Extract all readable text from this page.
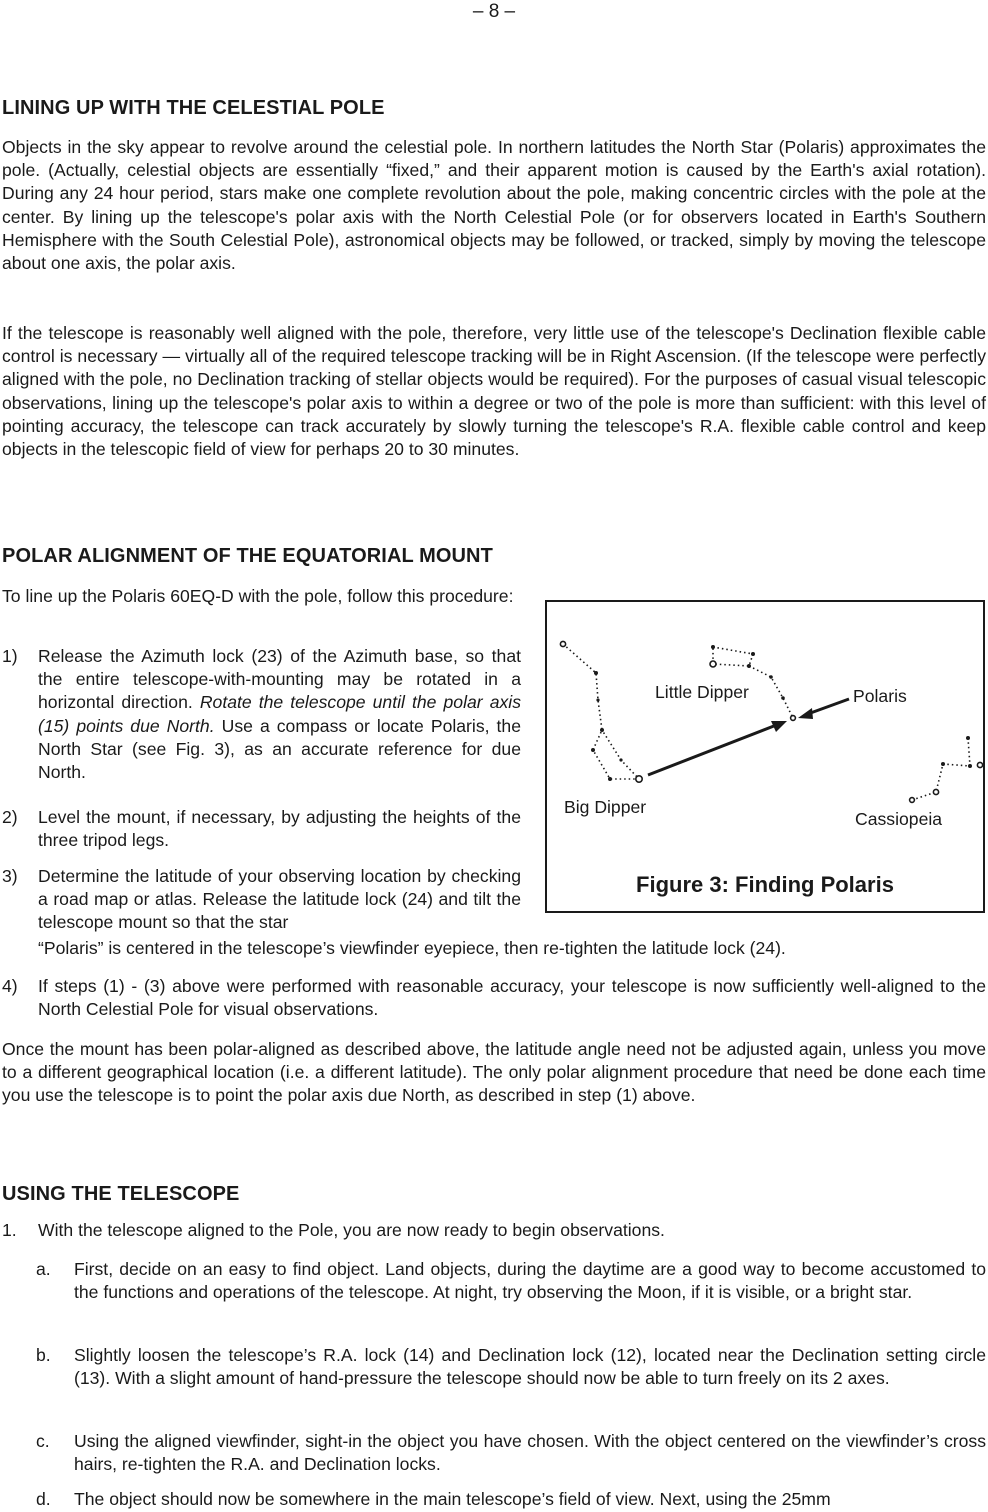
– 8 –
LINING UP WITH THE CELESTIAL POLE

Objects in the sky appear to revolve around the celestial pole. In northern latitudes the North Star (Polaris) approximates the pole. (Actually, celestial objects are essentially “fixed,” and their apparent motion is caused by the Earth's axial rotation). During any 24 hour period, stars make one complete revolution about the pole, making concentric circles with the pole at the center. By lining up the telescope's polar axis with the North Celestial Pole (or for observers located in Earth's Southern Hemisphere with the South Celestial Pole), astronomical objects may be followed, or tracked, simply by moving the telescope about one axis, the polar axis.

If the telescope is reasonably well aligned with the pole, therefore, very little use of the telescope's Declination flexible cable control is necessary — virtually all of the required telescope tracking will be in Right Ascension. (If the telescope were perfectly aligned with the pole, no Declination tracking of stellar objects would be required). For the purposes of casual visual telescopic observations, lining up the telescope's polar axis to within a degree or two of the pole is more than sufficient: with this level of pointing accuracy, the telescope can track accurately by slowly turning the telescope's R.A. flexible cable control and keep objects in the telescopic field of view for perhaps 20 to 30 minutes.

POLAR ALIGNMENT OF THE EQUATORIAL MOUNT

To line up the Polaris 60EQ-D with the pole, follow this procedure:

1) Release the Azimuth lock (23) of the Azimuth base, so that the entire telescope-with-mounting may be rotated in a horizontal direction. Rotate the telescope until the polar axis (15) points due North. Use a compass or locate Polaris, the North Star (see Fig. 3), as an accurate reference for due North.
2) Level the mount, if necessary, by adjusting the heights of the three tripod legs.
3) Determine the latitude of your observing location by checking a road map or atlas. Release the latitude lock (24) and tilt the telescope mount so that the star
“Polaris” is centered in the telescope’s viewfinder eyepiece, then re-tighten the latitude lock (24).
4) If steps (1) - (3) above were performed with reasonable accuracy, your telescope is now sufficiently well-aligned to the North Celestial Pole for visual observations.

Once the mount has been polar-aligned as described above, the latitude angle need not be adjusted again, unless you move to a different geographical location (i.e. a different latitude). The only polar alignment procedure that need be done each time you use the telescope is to point the polar axis due North, as described in step (1) above.

Little Dipper	Polaris
Big Dipper
Cassiopeia
Figure 3: Finding Polaris
USING THE TELESCOPE
1. With the telescope aligned to the Pole, you are now ready to begin observations.
a. First, decide on an easy to find object. Land objects, during the daytime are a good way to become accustomed to the functions and operations of the telescope. At night, try observing the Moon, if it is visible, or a bright star.
b. Slightly loosen the telescope’s R.A. lock (14) and Declination lock (12), located near the Declination setting circle (13). With a slight amount of hand-pressure the telescope should now be able to turn freely on its 2 axes.
c. Using the aligned viewfinder, sight-in the object you have chosen. With the object centered on the viewfinder’s cross hairs, re-tighten the R.A. and Declination locks.
d. The object should now be somewhere in the main telescope’s field of view. Next, using the 25mm
